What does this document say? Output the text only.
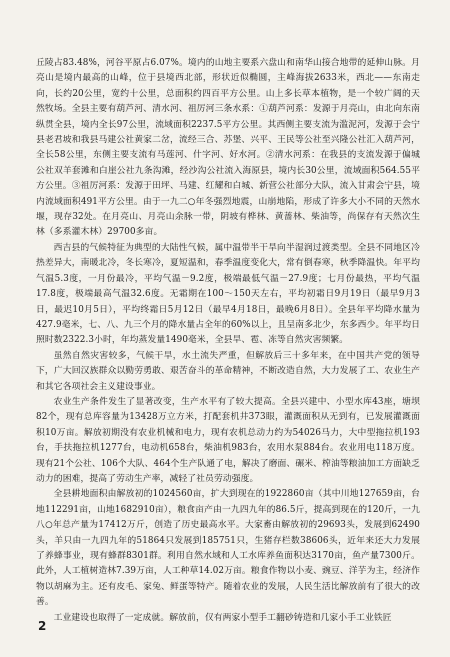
丘陵占83.48%，河谷平原占6.07%。境内的山地主要系六盘山和南华山接合地带的延伸山脉。月亮山是境内最高的山峰，位于县境西北部，形状近似椭圆，主峰海拔2633米，西北——东南走向，长约20公里，宽约十公里，总面积约四百平方公里。山上多长草本植物，是一个较广阔的天然牧场。全县主要有葫芦河、清水河、祖厉河三条水系：①葫芦河系：发源于月亮山，由北向东南纵贯全县，境内全长97公里，流域面积2237.5平方公里。其西侧主要支流为滥泥河，发源于会宁县老君坡和我县马建公社黄家二岔，流经三合、苏堡、兴平、王民等公社至兴隆公社汇入葫芦河，全长58公里，东侧主要支流有马莲河、什字河、好水河。②清水河系：在我县的支流发源于偏城公社双羊套滩和白崖公社九条沟滩，经沙沟公社流入海原县，境内长30公里，流域面积564.55平方公里。③祖厉河系：发源于田坪、马建、红耀和白城、新营公社部分大队，流入甘肃会宁县，境内流域面积491平方公里。由于一九二○年冬强烈地震，山崩地陷，形成了许多大小不同的天然水堰，现存32处。在月亮山、月亮山余脉一带，阴坡有桦林、黄蔷林、柴油等，尚保存有天然次生林（多系灌木林）29700多亩。

西吉县的气候特征为典型的大陆性气候，属中温带半干旱向半湿润过渡类型。全县不同地区冷热差异大，南暖北冷，冬长寒冷，夏短温和，春季温度变化大，常有倒春寒，秋季降温快。年平均气温5.3度，一月份最冷，平均气温－9.2度，极端最低气温－27.9度；七月份最热，平均气温17.8度，极端最高气温32.6度。无霜期在100～150天左右，平均初霜日9月19日（最早9月3日，最迟10月5日），平均终霜日5月12日（最早4月18日，最晚6月8日）。全县年平均降水量为427.9毫米，七、八、九三个月的降水量占全年的60%以上，且呈南多北少，东多西少。年平均日照时数2322.3小时，年均蒸发量1490毫米，全县旱、雹、冻等自然灾害频繁。

虽然自然灾害较多，气候干旱，水土流失严重，但解放后三十多年来，在中国共产党的领导下，广大回汉族群众以勤劳勇敢、艰苦奋斗的革命精神，不断改造自然，大力发展了工、农业生产和其它各项社会主义建设事业。

农业生产条件发生了显著改变，生产水平有了较大提高。全县兴建中、小型水库43座，塘坝82个，现有总库容量为13428万立方米，打配套机井373眼，灌溉面积从无到有，已发展灌溉面积10万亩。解放初期没有农业机械和电力，现有农机总动力约为54026马力，大中型拖拉机193台，手扶拖拉机1277台，电动机658台，柴油机983台，农用水泵884台。农业用电118万度。现有21个公社、106个大队、464个生产队通了电，解决了磨面、碾米、榨油等粮油加工方面缺乏动力的困难，提高了劳动生产率，减轻了社员劳动强度。

全县耕地面积由解放初的1024560亩，扩大到现在的1922860亩（其中川地127659亩，台地112291亩，山地1682910亩），粮食亩产由一九四九年的86.5斤，提高到现在的120斤，一九八○年总产量为17412万斤，创造了历史最高水平。大家畜由解放初的29693头，发展到62490头，羊只由一九四九年的51864只发展到185751只，生猪存栏数38606头，近年来还大力发展了养蜂事业，现有蜂群8301群。利用自然水域和人工水库养鱼面积达3170亩，鱼产量7300斤。此外，人工植树造林7.39万亩，人工种草14.02万亩。粮食作物以小麦、豌豆、洋芋为主，经济作物以胡麻为主。还有皮毛、家兔、鲜蛋等特产。随着农业的发展，人民生活比解放前有了很大的改善。

工业建设也取得了一定成就。解放前，仅有两家小型手工翻砂铸造和几家小手工业铁匠

2
